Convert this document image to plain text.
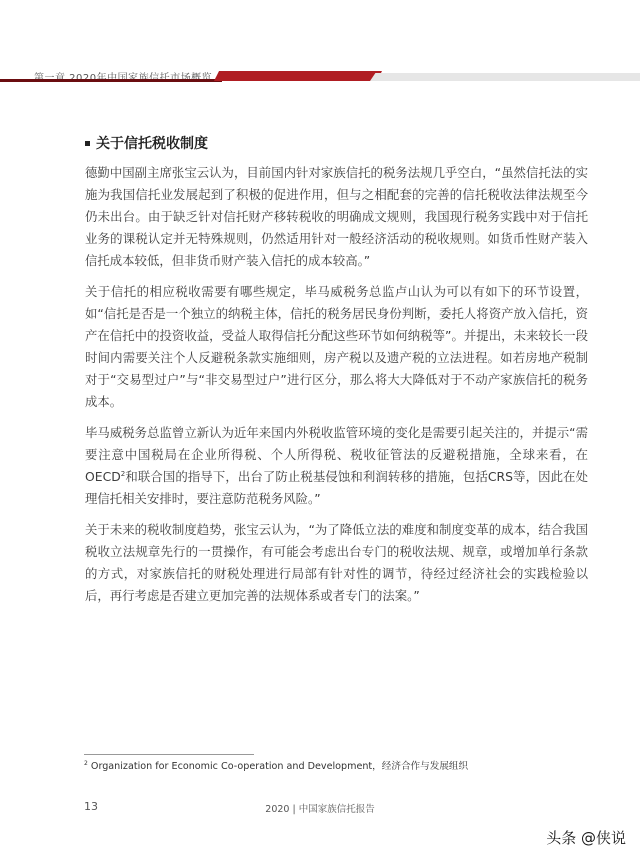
关于信托税收制度

德勤中国副主席张宝云认为，目前国内针对家族信托的税务法规几乎空白，“虽然信托法的实施为我国信托业发展起到了积极的促进作用，但与之相配套的完善的信托税收法律法规至今仍未出台。由于缺乏针对信托财产移转税收的明确成文规则，我国现行税务实践中对于信托业务的课税认定并无特殊规则，仍然适用针对一般经济活动的税收规则。如货币性财产装入信托成本较低，但非货币财产装入信托的成本较高。”

关于信托的相应税收需要有哪些规定，毕马威税务总监卢山认为可以有如下的环节设置，如“信托是否是一个独立的纳税主体，信托的税务居民身份判断，委托人将资产放入信托，资产在信托中的投资收益，受益人取得信托分配这些环节如何纳税等”。并提出，未来较长一段时间内需要关注个人反避税条款实施细则，房产税以及遗产税的立法进程。如若房地产税制对于“交易型过户”与“非交易型过户”进行区分，那么将大大降低对于不动产家族信托的税务成本。

毕马威税务总监曾立新认为近年来国内外税收监管环境的变化是需要引起关注的，并提示“需要注意中国税局在企业所得税、个人所得税、税收征管法的反避税措施，全球来看，在OECD$^2$和联合国的指导下，出台了防止税基侵蚀和利润转移的措施，包括CRS等，因此在处理信托相关安排时，要注意防范税务风险。”

关于未来的税收制度趋势，张宝云认为，“为了降低立法的难度和制度变革的成本，结合我国税收立法规章先行的一贯操作，有可能会考虑出台专门的税收法规、规章，或增加单行条款的方式，对家族信托的财税处理进行局部有针对性的调节，待经过经济社会的实践检验以后，再行考虑是否建立更加完善的法规体系或者专门的法案。”

$^2$ Organization for Economic Co-operation and Development，经济合作与发展组织
13	2020 | 中国家族信托报告
头条 @侠说
